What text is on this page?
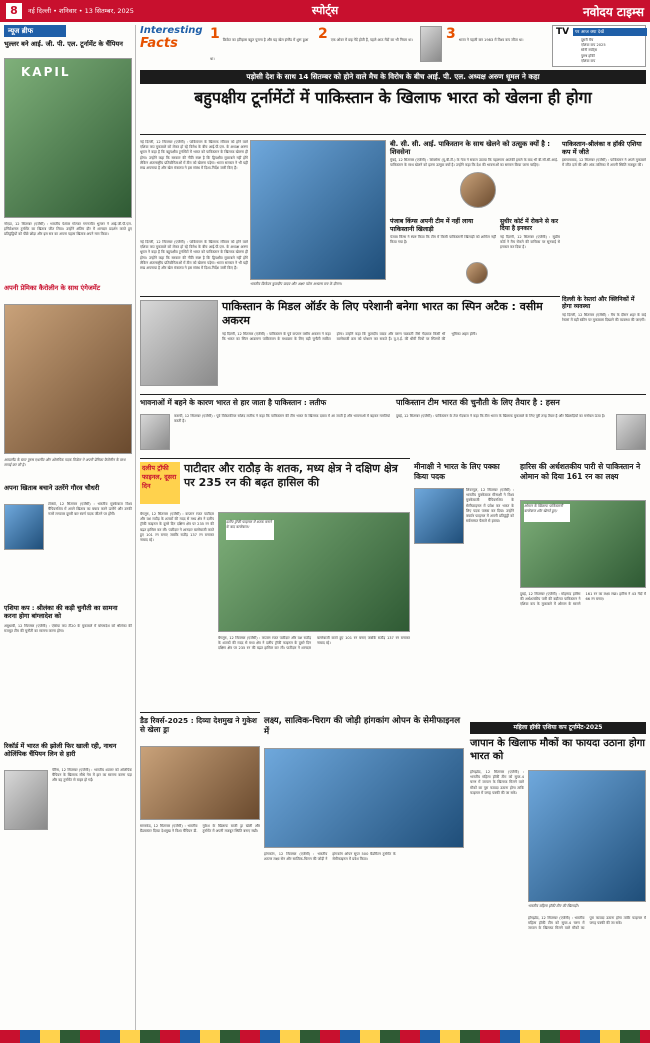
8	नई दिल्ली • शनिवार • 13 सितम्बर, 2025	स्पोर्ट्स	नवोदय टाइम्स
न्यूज ब्रीफ
भुल्लर बने आई. जी. पी. एल. टूर्नामेंट के चैंपियन
KAPIL
नोएडा, 12 सितम्बर (एजेंसी) : भारतीय पेशेवर गोल्फर गगनजीत भुल्लर ने आई.जी.पी.एल. इन्विटेशनल टूर्नामेंट का खिताब जीत लिया। उन्होंने अंतिम दौर में शानदार प्रदर्शन करते हुए प्रतिद्वंद्वियों को पीछे छोड़ा और इस सत्र का अपना पहला खिताब अपने नाम किया।
अपनी प्रेमिका कैरोलीन के साथ एंगेजमेंट
आयरलैंड के स्टार पुरुष एथलीट और ओलंपिक पदक विजेता ने अपनी प्रेमिका कैरोलीन के साथ सगाई कर ली है।
अपना खिताब बचाने उतरेंगे गौरव चौधरी
टोक्यो, 12 सितम्बर (एजेंसी) : भारतीय मुक्केबाज विश्व चैंपियनशिप में अपने खिताब का बचाव करने उतरेंगे और उनकी नजरें लगातार दूसरी बार स्वर्ण पदक जीतने पर होंगी।
एशिया कप : श्रीलंका की कड़ी चुनौती का सामना करना होगा बांग्लादेश को
अबूधाबी, 12 सितम्बर (एजेंसी) : एशिया कप टी20 के मुकाबले में बांग्लादेश को श्रीलंका की मजबूत टीम की चुनौती का सामना करना होगा।
रिकॉर्ड में भारत की झोली फिर खाली रही, नाथन ओलिंपिक चैंपियन लिन से हारी
पेरिस, 12 सितम्बर (एजेंसी) : भारतीय शटलर को ओलंपिक चैंपियन के खिलाफ सीधे गेम में हार का सामना करना पड़ा और वह टूर्नामेंट से बाहर हो गईं।
Interesting
Facts
1 क्रिकेट का इतिहास बहुत पुराना है और यह खेल इंग्लैंड में शुरू हुआ था।
2 एक ओवर में छह गेंदें होती हैं, पहले आठ गेंदों का भी नियम था।	3 भारत ने पहली बार 1983 में विश्व कप जीता था।
TV	पर आज क्या देखें
दूसरी मैच
एशिया कप 2025
सोनी स्पोर्ट्स
पुरुष हॉकी
एशिया कप
पड़ोसी देश के साथ 14 सितम्बर को होने वाले मैच के विरोध के बीच आई. पी. एल. अध्यक्ष अरुण धूमल ने कहा
बहुपक्षीय टूर्नामेंटों में पाकिस्तान के खिलाफ भारत को खेलना ही होगा
नई दिल्ली, 12 सितम्बर (एजेंसी) : पाकिस्तान के खिलाफ रविवार को होने वाले एशिया कप मुकाबले को लेकर हो रहे विरोध के बीच आई.पी.एल. के अध्यक्ष अरुण धूमल ने कहा है कि बहुपक्षीय टूर्नामेंटों में भारत को पाकिस्तान के खिलाफ खेलना ही होगा। उन्होंने कहा कि सरकार की नीति स्पष्ट है कि द्विपक्षीय मुकाबले नहीं होंगे लेकिन अंतरराष्ट्रीय प्रतियोगिताओं में टीम को खेलना पड़ेगा। भारत सरकार ने भी यही रुख अपनाया है और खेल मंत्रालय ने इस संबंध में दिशा-निर्देश जारी किए हैं।
भारतीय क्रिकेटर कुलदीप यादव और अक्षर पटेल अभ्यास सत्र के दौरान।
नई दिल्ली, 12 सितम्बर (एजेंसी) : पाकिस्तान के खिलाफ रविवार को होने वाले एशिया कप मुकाबले को लेकर हो रहे विरोध के बीच आई.पी.एल. के अध्यक्ष अरुण धूमल ने कहा है कि बहुपक्षीय टूर्नामेंटों में भारत को पाकिस्तान के खिलाफ खेलना ही होगा। उन्होंने कहा कि सरकार की नीति स्पष्ट है कि द्विपक्षीय मुकाबले नहीं होंगे लेकिन अंतरराष्ट्रीय प्रतियोगिताओं में टीम को खेलना पड़ेगा। भारत सरकार ने भी यही रुख अपनाया है और खेल मंत्रालय ने इस संबंध में दिशा-निर्देश जारी किए हैं।
बी. सी. सी. आई. पाकिस्तान के साथ खेलने को उत्सुक क्यों है : शिवसेना
मुंबई, 12 सितम्बर (एजेंसी) : शिवसेना (यू.बी.टी.) के नेता ने सवाल उठाया कि पहलगाम आतंकी हमले के बाद भी बी.सी.सी.आई. पाकिस्तान के साथ खेलने को इतना उत्सुक क्यों है। उन्होंने कहा कि देश की भावनाओं का सम्मान किया जाना चाहिए।
पाकिस्तान-श्रीलंका व हॉकी एशिया कप में जीते
इस्लामाबाद, 12 सितम्बर (एजेंसी) : पाकिस्तान ने अपने मुकाबले में जीत दर्ज की और अंक तालिका में अपनी स्थिति मजबूत की।
पंजाब किंग्स अपनी टीम में नहीं लाया पाकिस्तानी खिलाड़ी
पंजाब किंग्स ने स्पष्ट किया कि टीम में किसी पाकिस्तानी खिलाड़ी को शामिल नहीं किया गया है।
सुधीर कोर्ट में रोकने से कर दिया है इनकार
नई दिल्ली, 12 सितम्बर (एजेंसी) : सुप्रीम कोर्ट ने मैच रोकने की याचिका पर सुनवाई से इनकार कर दिया है।
पाकिस्तान के मिडल ऑर्डर के लिए परेशानी बनेगा भारत का स्पिन अटैक : वसीम अकरम
नई दिल्ली, 12 सितम्बर (एजेंसी) : पाकिस्तान के पूर्व कप्तान वसीम अकरम ने कहा कि भारत का स्पिन आक्रमण पाकिस्तान के मध्यक्रम के लिए बड़ी चुनौती साबित होगा। उन्होंने कहा कि कुलदीप यादव और वरुण चक्रवर्ती जैसे गेंदबाज किसी भी बल्लेबाजी क्रम को परेशान कर सकते हैं। यू.ए.ई. की धीमी पिचों पर स्पिनरों की भूमिका अहम होगी।
दिल्ली के रेस्तरां और क्लिनिकों में होगा व्यवस्था
नई दिल्ली, 12 सितम्बर (एजेंसी) : मैच के दौरान शहर के कई रेस्तरां में बड़ी स्क्रीन पर मुकाबला दिखाने की व्यवस्था की जाएगी।
भावनाओं में बहने के कारण भारत से हार जाता है पाकिस्तान : लतीफ
कराची, 12 सितम्बर (एजेंसी) : पूर्व विकेटकीपर राशिद लतीफ ने कहा कि पाकिस्तान की टीम भारत के खिलाफ दबाव में आ जाती है और भावनाओं में बहकर गलतियां करती है।
पाकिस्तान टीम भारत की चुनौती के लिए तैयार है : हसन
दुबई, 12 सितम्बर (एजेंसी) : पाकिस्तान के तेज गेंदबाज ने कहा कि टीम भारत के खिलाफ मुकाबले के लिए पूरी तरह तैयार है और खिलाड़ियों का मनोबल ऊंचा है।
दलीप ट्रॉफी फाइनल, दूसरा दिन
पाटीदार और राठौड़ के शतक, मध्य क्षेत्र ने दक्षिण क्षेत्र पर 235 रन की बढ़त हासिल की
बेंगलुरु, 12 सितम्बर (एजेंसी) : कप्तान रजत पाटीदार और यश राठौड़ के शतकों की मदद से मध्य क्षेत्र ने दलीप ट्रॉफी फाइनल के दूसरे दिन दक्षिण क्षेत्र पर 235 रन की बढ़त हासिल कर ली। पाटीदार ने शानदार बल्लेबाजी करते हुए 101 रन बनाए जबकि राठौड़ 137 रन बनाकर नाबाद रहे।
दलीप ट्रॉफी फाइनल में शतक बनाने के बाद बल्लेबाज।
बेंगलुरु, 12 सितम्बर (एजेंसी) : कप्तान रजत पाटीदार और यश राठौड़ के शतकों की मदद से मध्य क्षेत्र ने दलीप ट्रॉफी फाइनल के दूसरे दिन दक्षिण क्षेत्र पर 235 रन की बढ़त हासिल कर ली। पाटीदार ने शानदार बल्लेबाजी करते हुए 101 रन बनाए जबकि राठौड़ 137 रन बनाकर नाबाद रहे।
मीनाक्षी ने भारत के लिए पक्का किया पदक
लिवरपूल, 12 सितम्बर (एजेंसी) : भारतीय मुक्केबाज मीनाक्षी ने विश्व मुक्केबाजी चैंपियनशिप के सेमीफाइनल में प्रवेश कर भारत के लिए पदक पक्का कर दिया। उन्होंने क्वार्टर फाइनल में अपनी प्रतिद्वंद्वी को सर्वसम्मत फैसले से हराया।
हारिस की अर्धशतकीय पारी से पाकिस्तान ने ओमान को दिया 161 रन का लक्ष्य
ओमान के खिलाफ पाकिस्तानी बल्लेबाज शॉट खेलते हुए।
दुबई, 12 सितम्बर (एजेंसी) : मोहम्मद हारिस की अर्धशतकीय पारी की बदौलत पाकिस्तान ने एशिया कप के मुकाबले में ओमान के सामने 161 रन का लक्ष्य रखा। हारिस ने 43 गेंदों में 66 रन बनाए।
डैड रिवर्स-2025 : दिव्या देशमुख ने गुकेश से खेला ड्रा
समरकंद, 12 सितम्बर (एजेंसी) : भारतीय ग्रैंडमास्टर दिव्या देशमुख ने विश्व चैंपियन डी. गुकेश के खिलाफ बाजी ड्रा खेली और टूर्नामेंट में अपनी मजबूत स्थिति बनाए रखी।
लक्ष्य, सात्विक-चिराग की जोड़ी हांगकांग ओपन के सेमीफाइनल में
हांगकांग, 12 सितम्बर (एजेंसी) : भारतीय शटलर लक्ष्य सेन और सात्विक-चिराग की जोड़ी ने हांगकांग ओपन सुपर 500 बैडमिंटन टूर्नामेंट के सेमीफाइनल में प्रवेश किया।
महिला हॉकी एशिया कप टूर्नामेंट-2025
जापान के खिलाफ मौकों का फायदा उठाना होगा भारत को
होंगझोउ, 12 सितम्बर (एजेंसी) : भारतीय महिला हॉकी टीम को सुपर-4 चरण में जापान के खिलाफ मिलने वाले मौकों का पूरा फायदा उठाना होगा ताकि फाइनल में जगह पक्की की जा सके।
भारतीय महिला हॉकी टीम की खिलाड़ी।
होंगझोउ, 12 सितम्बर (एजेंसी) : भारतीय महिला हॉकी टीम को सुपर-4 चरण में जापान के खिलाफ मिलने वाले मौकों का पूरा फायदा उठाना होगा ताकि फाइनल में जगह पक्की की जा सके।
